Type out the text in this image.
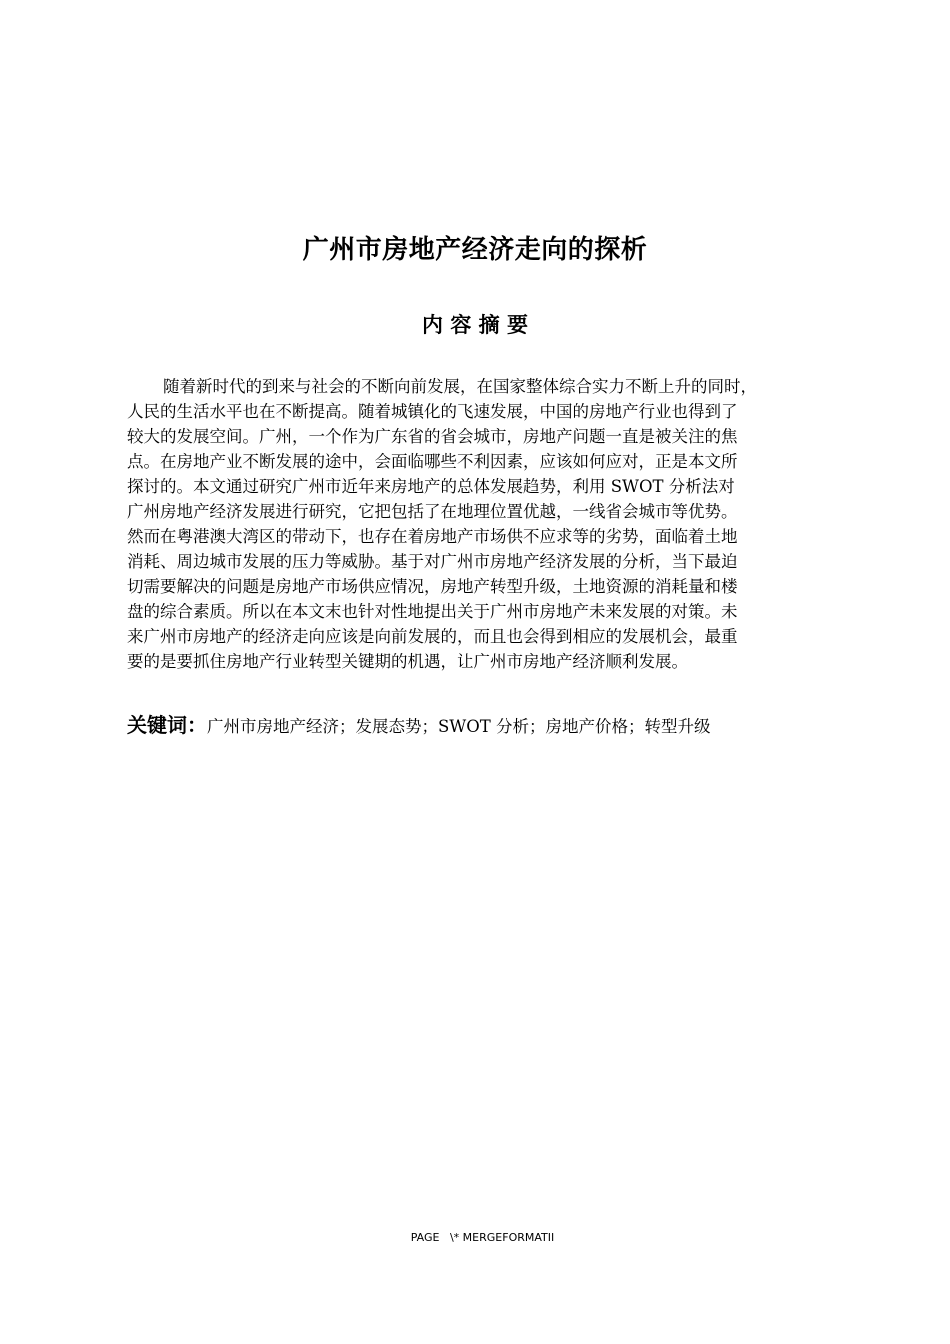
广州市房地产经济走向的探析
内 容 摘 要
随着新时代的到来与社会的不断向前发展，在国家整体综合实力不断上升的同时，
人民的生活水平也在不断提高。随着城镇化的飞速发展，中国的房地产行业也得到了
较大的发展空间。广州，一个作为广东省的省会城市，房地产问题一直是被关注的焦
点。在房地产业不断发展的途中，会面临哪些不利因素，应该如何应对，正是本文所
探讨的。本文通过研究广州市近年来房地产的总体发展趋势，利用 SWOT 分析法对
广州房地产经济发展进行研究，它把包括了在地理位置优越，一线省会城市等优势。
然而在粤港澳大湾区的带动下，也存在着房地产市场供不应求等的劣势，面临着土地
消耗、周边城市发展的压力等威胁。基于对广州市房地产经济发展的分析，当下最迫
切需要解决的问题是房地产市场供应情况，房地产转型升级，土地资源的消耗量和楼
盘的综合素质。所以在本文末也针对性地提出关于广州市房地产未来发展的对策。未
来广州市房地产的经济走向应该是向前发展的，而且也会得到相应的发展机会，最重
要的是要抓住房地产行业转型关键期的机遇，让广州市房地产经济顺利发展。

关键词：广州市房地产经济；发展态势；SWOT 分析；房地产价格；转型升级

PAGE   \* MERGEFORMATII
